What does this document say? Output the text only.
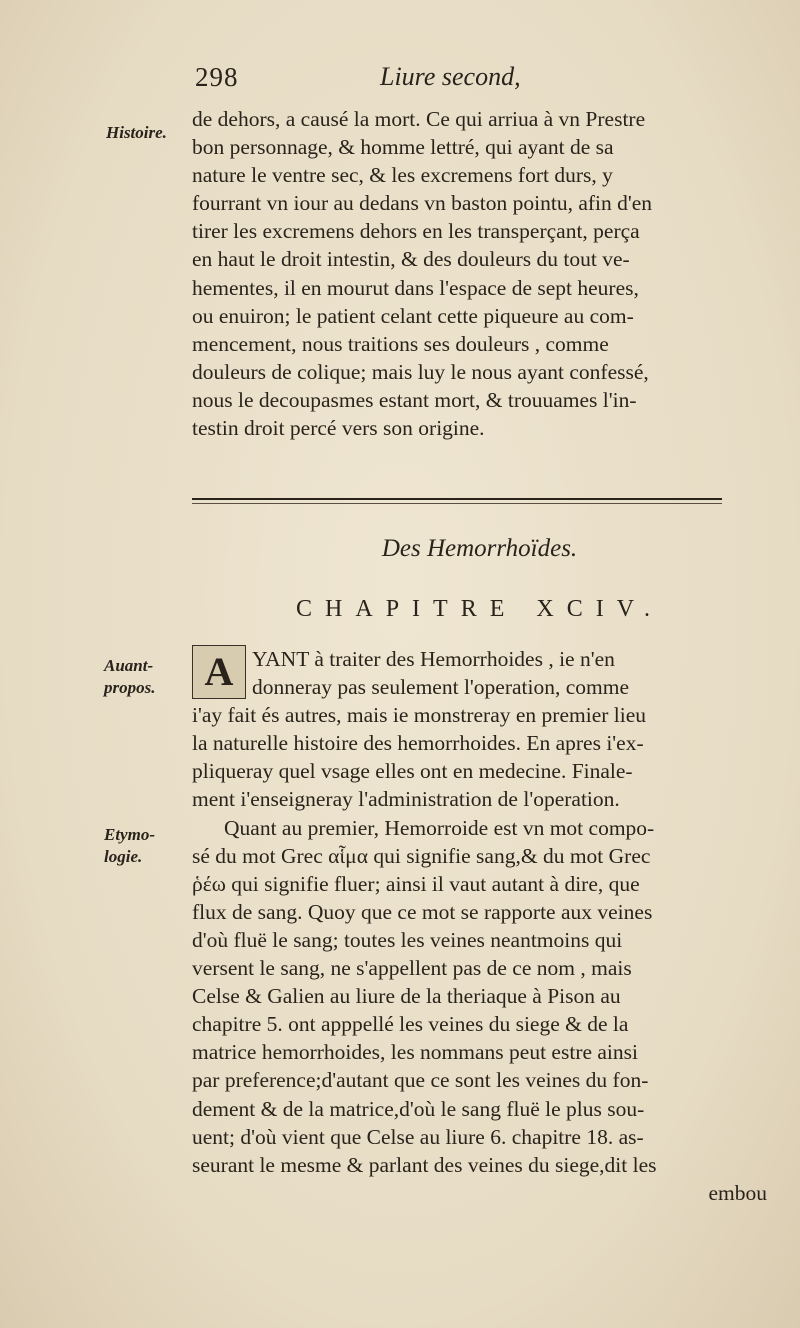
298	Liure second,
Histoire.
de dehors, a causé la mort. Ce qui arriua à vn Prestre
bon personnage, & homme lettré, qui ayant de sa
nature le ventre sec, & les excremens fort durs, y
fourrant vn iour au dedans vn baston pointu, afin d'en
tirer les excremens dehors en les transperçant, perça
en haut le droit intestin, & des douleurs du tout ve-
hementes, il en mourut dans l'espace de sept heures,
ou enuiron; le patient celant cette piqueure au com-
mencement, nous traitions ses douleurs , comme
douleurs de colique; mais luy le nous ayant confessé,
nous le decoupasmes estant mort, & trouuames l'in-
testin droit percé vers son origine.
Des Hemorrhoïdes.
CHAPITRE XCIV.
Auant-
propos.
Etymo-
logie.
A YANT à traiter des Hemorrhoides , ie n'en
donneray pas seulement l'operation, comme
i'ay fait és autres, mais ie monstreray en premier lieu
la naturelle histoire des hemorrhoides. En apres i'ex-
pliqueray quel vsage elles ont en medecine. Finale-
ment i'enseigneray l'administration de l'operation.
Quant au premier, Hemorroide est vn mot compo-
sé du mot Grec αἷμα qui signifie sang,& du mot Grec
ῥέω qui signifie fluer; ainsi il vaut autant à dire, que
flux de sang. Quoy que ce mot se rapporte aux veines
d'où fluë le sang; toutes les veines neantmoins qui
versent le sang, ne s'appellent pas de ce nom , mais
Celse & Galien au liure de la theriaque à Pison au
chapitre 5. ont apppellé les veines du siege & de la
matrice hemorrhoides, les nommans peut estre ainsi
par preference;d'autant que ce sont les veines du fon-
dement & de la matrice,d'où le sang fluë le plus sou-
uent; d'où vient que Celse au liure 6. chapitre 18. as-
seurant le mesme & parlant des veines du siege,dit les
embou
